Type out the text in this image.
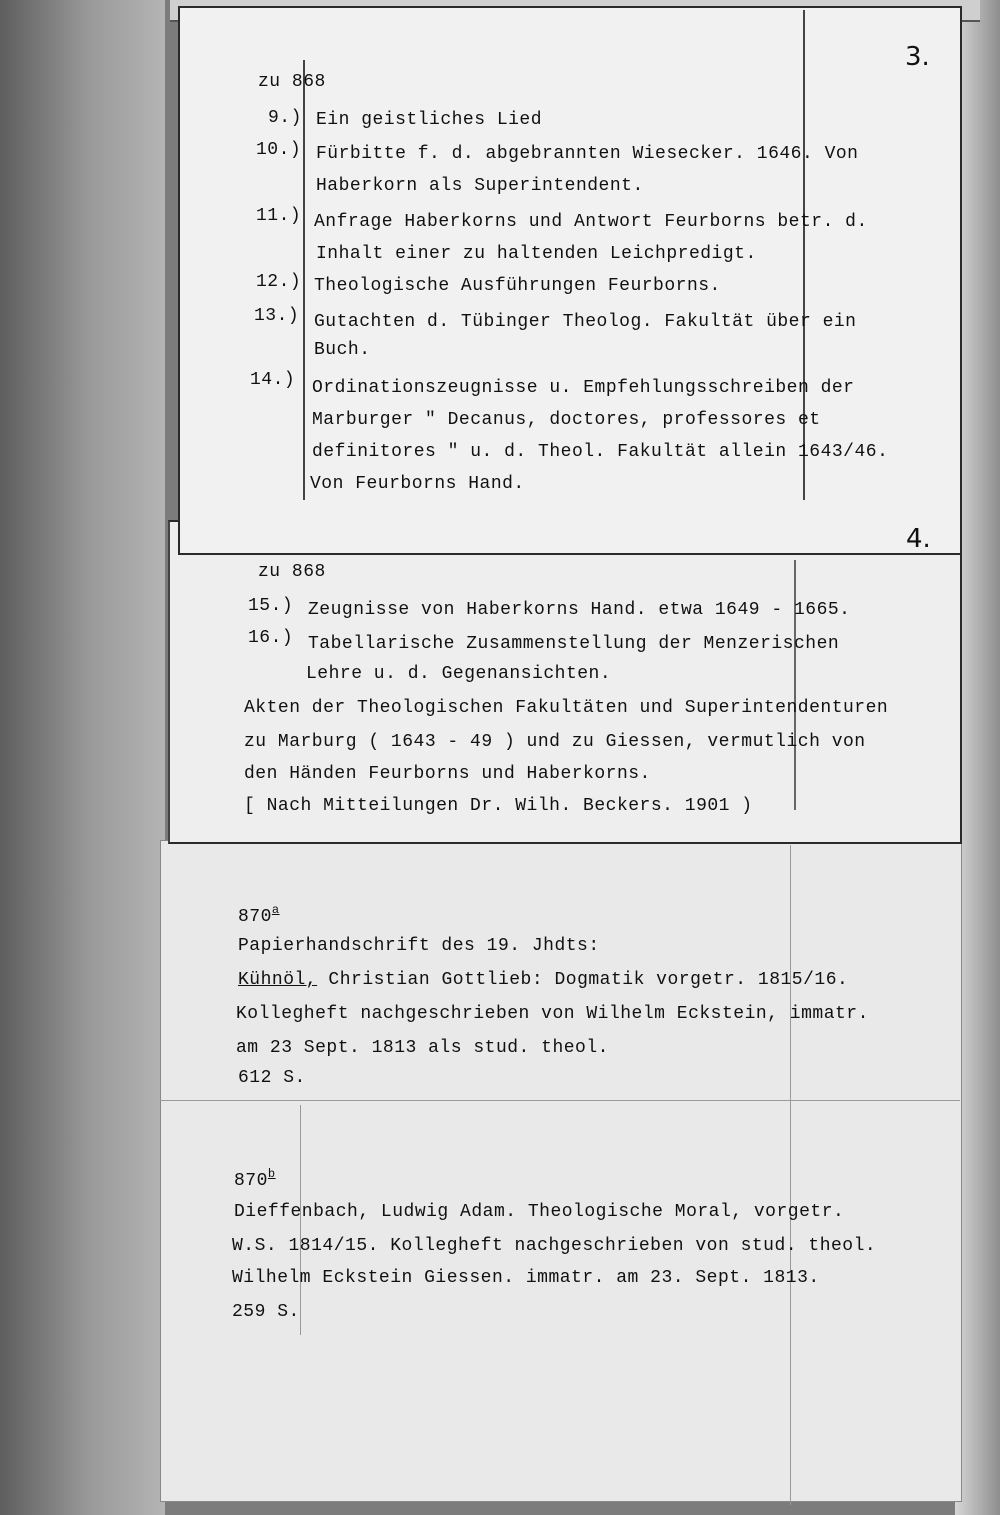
3.
zu 868
9.) Ein geistliches Lied
10.) Fürbitte f. d. abgebrannten Wiesecker. 1646. Von
Haberkorn als Superintendent.
11.) Anfrage Haberkorns und Antwort Feurborns betr. d.
Inhalt einer zu haltenden Leichpredigt.
12.) Theologische Ausführungen Feurborns.
13.) Gutachten d. Tübinger Theolog. Fakultät über ein
Buch.
14.) Ordinationszeugnisse u. Empfehlungsschreiben der
Marburger " Decanus, doctores, professores et
definitores " u. d. Theol. Fakultät allein 1643/46.
Von Feurborns Hand.
4.
zu 868
15.) Zeugnisse von Haberkorns Hand. etwa 1649 - 1665.
16.) Tabellarische Zusammenstellung der Menzerischen
Lehre u. d. Gegenansichten.
Akten der Theologischen Fakultäten und Superintendenturen
zu Marburg ( 1643 - 49 ) und zu Giessen, vermutlich von
den Händen Feurborns und Haberkorns.
[ Nach Mitteilungen Dr. Wilh. Beckers. 1901 )
870$^a$
Papierhandschrift des 19. Jhdts:
Kühnöl, Christian Gottlieb: Dogmatik vorgetr. 1815/16.
Kollegheft nachgeschrieben von Wilhelm Eckstein, immatr.
am 23 Sept. 1813 als stud. theol.
612 S.
870$^b$
Dieffenbach, Ludwig Adam. Theologische Moral, vorgetr.
W.S. 1814/15. Kollegheft nachgeschrieben von stud. theol.
Wilhelm Eckstein Giessen. immatr. am 23. Sept. 1813.
259 S.
